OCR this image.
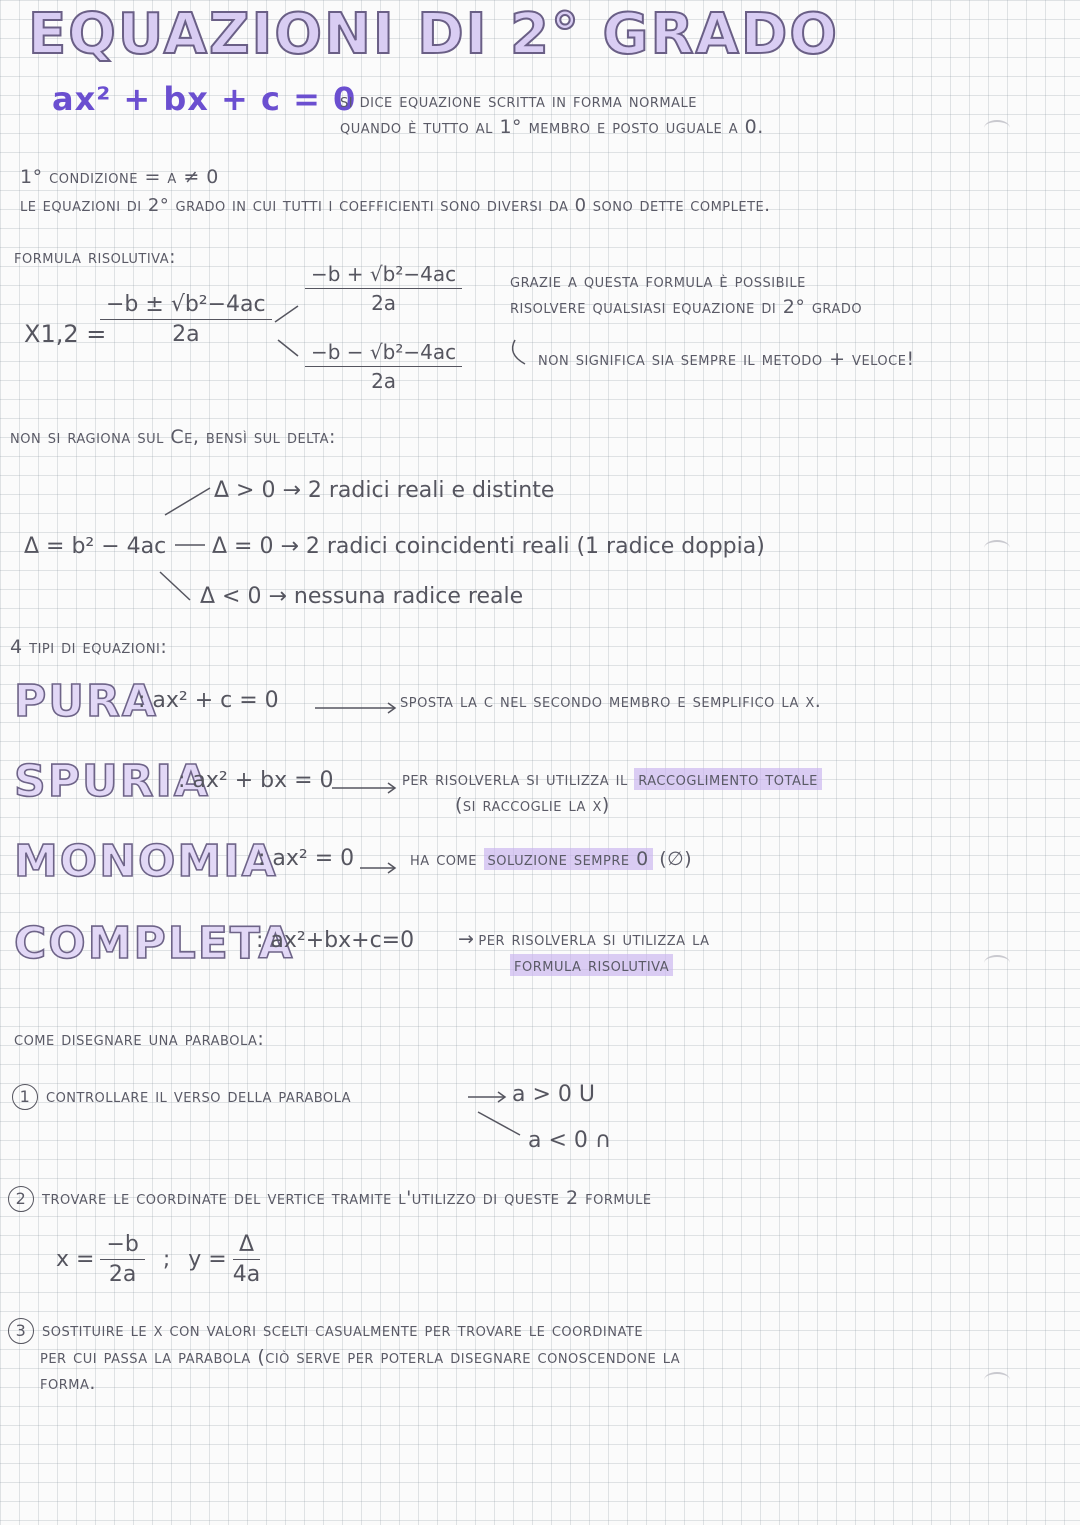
EQUAZIONI DI 2° GRADO
ax² + bx + c = 0
si dice equazione scritta in forma normale
quando è tutto al 1° membro e posto uguale a 0.
1° condizione = a ≠ 0
le equazioni di 2° grado in cui tutti i coefficienti sono diversi da 0 sono dette complete.
formula risolutiva:
X1,2 =
$\frac{\text{−b ± √b²−4ac}}{2a}$
$\frac{\text{−b + √b²−4ac}}{2a}$
$\frac{\text{−b − √b²−4ac}}{2a}$
grazie a questa formula è possibile
risolvere qualsiasi equazione di 2° grado
non significa sia sempre il metodo + veloce!
non si ragiona sul Ce, bensì sul delta:
Δ > 0 → 2 radici reali e distinte
Δ = b² − 4ac Δ = 0 → 2 radici coincidenti reali (1 radice doppia)
Δ < 0 → nessuna radice reale
4 tipi di equazioni:
PURA
: ax² + c = 0	sposta la c nel secondo membro e semplifico la x.
SPURIA
: ax² + bx = 0	per risolverla si utilizza il raccoglimento totale
(si raccoglie la x)
MONOMIA
: ax² = 0	ha come soluzione sempre 0 (∅)
COMPLETA
: ax²+bx+c=0 → per risolverla si utilizza la
formula risolutiva
come disegnare una parabola:
1 controllare il verso della parabola	a > 0 U
a < 0 ∩
2 trovare le coordinate del vertice tramite l'utilizzo di queste 2 formule
$x = \frac{-b}{2a}$ ; $y = \frac{\Delta}{4a}$
3 sostituire le x con valori scelti casualmente per trovare le coordinate
per cui passa la parabola (ciò serve per poterla disegnare conoscendone la
forma.
